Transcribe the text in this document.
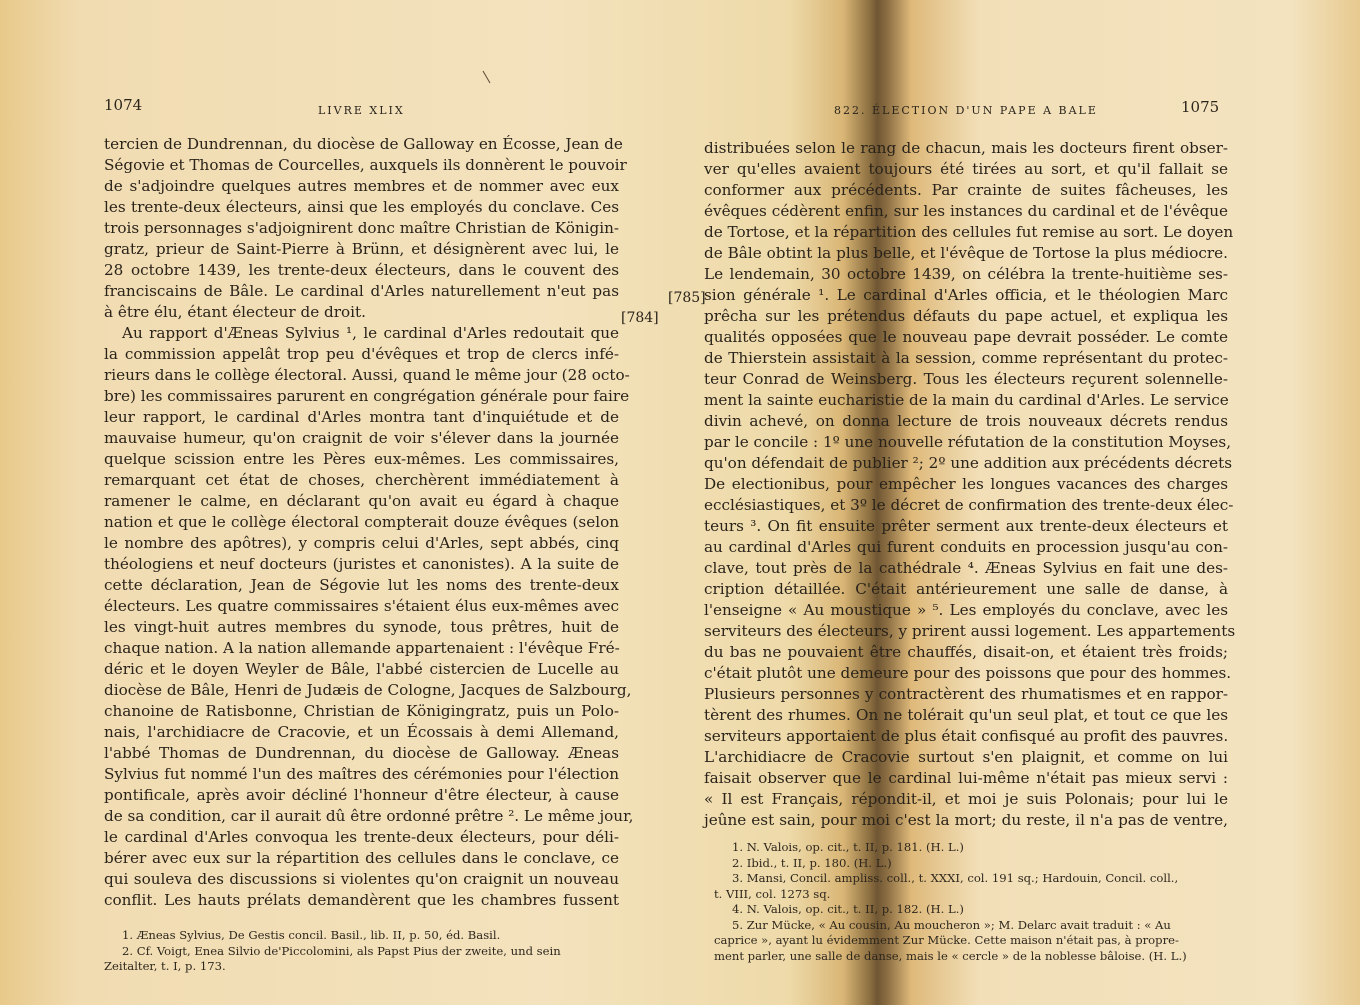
1074	LIVRE XLIX
tercien de Dundrennan, du diocèse de Galloway en Écosse, Jean de
Ségovie et Thomas de Courcelles, auxquels ils donnèrent le pouvoir
de s'adjoindre quelques autres membres et de nommer avec eux
les trente-deux électeurs, ainsi que les employés du conclave. Ces
trois personnages s'adjoignirent donc maître Christian de Königin-
gratz, prieur de Saint-Pierre à Brünn, et désignèrent avec lui, le
28 octobre 1439, les trente-deux électeurs, dans le couvent des
franciscains de Bâle. Le cardinal d'Arles naturellement n'eut pas
à être élu, étant électeur de droit.
Au rapport d'Æneas Sylvius ¹, le cardinal d'Arles redoutait que
la commission appelât trop peu d'évêques et trop de clercs infé-
rieurs dans le collège électoral. Aussi, quand le même jour (28 octo-
bre) les commissaires parurent en congrégation générale pour faire
leur rapport, le cardinal d'Arles montra tant d'inquiétude et de
mauvaise humeur, qu'on craignit de voir s'élever dans la journée
quelque scission entre les Pères eux-mêmes. Les commissaires,
remarquant cet état de choses, cherchèrent immédiatement à
ramener le calme, en déclarant qu'on avait eu égard à chaque
nation et que le collège électoral compterait douze évêques (selon
le nombre des apôtres), y compris celui d'Arles, sept abbés, cinq
théologiens et neuf docteurs (juristes et canonistes). A la suite de
cette déclaration, Jean de Ségovie lut les noms des trente-deux
électeurs. Les quatre commissaires s'étaient élus eux-mêmes avec
les vingt-huit autres membres du synode, tous prêtres, huit de
chaque nation. A la nation allemande appartenaient : l'évêque Fré-
déric et le doyen Weyler de Bâle, l'abbé cistercien de Lucelle au
diocèse de Bâle, Henri de Judæis de Cologne, Jacques de Salzbourg,
chanoine de Ratisbonne, Christian de Königingratz, puis un Polo-
nais, l'archidiacre de Cracovie, et un Écossais à demi Allemand,
l'abbé Thomas de Dundrennan, du diocèse de Galloway. Æneas
Sylvius fut nommé l'un des maîtres des cérémonies pour l'élection
pontificale, après avoir décliné l'honneur d'être électeur, à cause
de sa condition, car il aurait dû être ordonné prêtre ². Le même jour,
le cardinal d'Arles convoqua les trente-deux électeurs, pour déli-
bérer avec eux sur la répartition des cellules dans le conclave, ce
qui souleva des discussions si violentes qu'on craignit un nouveau
conflit. Les hauts prélats demandèrent que les chambres fussent
[784]
1. Æneas Sylvius, De Gestis concil. Basil., lib. II, p. 50, éd. Basil.
2. Cf. Voigt, Enea Silvio de'Piccolomini, als Papst Pius der zweite, und sein
Zeitalter, t. I, p. 173.
822. ÉLECTION D'UN PAPE A BALE	1075
[785]
distribuées selon le rang de chacun, mais les docteurs firent obser-
ver qu'elles avaient toujours été tirées au sort, et qu'il fallait se
conformer aux précédents. Par crainte de suites fâcheuses, les
évêques cédèrent enfin, sur les instances du cardinal et de l'évêque
de Tortose, et la répartition des cellules fut remise au sort. Le doyen
de Bâle obtint la plus belle, et l'évêque de Tortose la plus médiocre.
Le lendemain, 30 octobre 1439, on célébra la trente-huitième ses-
sion générale ¹. Le cardinal d'Arles officia, et le théologien Marc
prêcha sur les prétendus défauts du pape actuel, et expliqua les
qualités opposées que le nouveau pape devrait posséder. Le comte
de Thierstein assistait à la session, comme représentant du protec-
teur Conrad de Weinsberg. Tous les électeurs reçurent solennelle-
ment la sainte eucharistie de la main du cardinal d'Arles. Le service
divin achevé, on donna lecture de trois nouveaux décrets rendus
par le concile : 1º une nouvelle réfutation de la constitution Moyses,
qu'on défendait de publier ²; 2º une addition aux précédents décrets
De electionibus, pour empêcher les longues vacances des charges
ecclésiastiques, et 3º le décret de confirmation des trente-deux élec-
teurs ³. On fit ensuite prêter serment aux trente-deux électeurs et
au cardinal d'Arles qui furent conduits en procession jusqu'au con-
clave, tout près de la cathédrale ⁴. Æneas Sylvius en fait une des-
cription détaillée. C'était antérieurement une salle de danse, à
l'enseigne « Au moustique » ⁵. Les employés du conclave, avec les
serviteurs des électeurs, y prirent aussi logement. Les appartements
du bas ne pouvaient être chauffés, disait-on, et étaient très froids;
c'était plutôt une demeure pour des poissons que pour des hommes.
Plusieurs personnes y contractèrent des rhumatismes et en rappor-
tèrent des rhumes. On ne tolérait qu'un seul plat, et tout ce que les
serviteurs apportaient de plus était confisqué au profit des pauvres.
L'archidiacre de Cracovie surtout s'en plaignit, et comme on lui
faisait observer que le cardinal lui-même n'était pas mieux servi :
« Il est Français, répondit-il, et moi je suis Polonais; pour lui le
jeûne est sain, pour moi c'est la mort; du reste, il n'a pas de ventre,
1. N. Valois, op. cit., t. II, p. 181. (H. L.)
2. Ibid., t. II, p. 180. (H. L.)
3. Mansi, Concil. ampliss. coll., t. XXXI, col. 191 sq.; Hardouin, Concil. coll.,
t. VIII, col. 1273 sq.
4. N. Valois, op. cit., t. II, p. 182. (H. L.)
5. Zur Mücke, « Au cousin, Au moucheron »; M. Delarc avait traduit : « Au
caprice », ayant lu évidemment Zur Mücke. Cette maison n'était pas, à propre-
ment parler, une salle de danse, mais le « cercle » de la noblesse bâloise. (H. L.)
